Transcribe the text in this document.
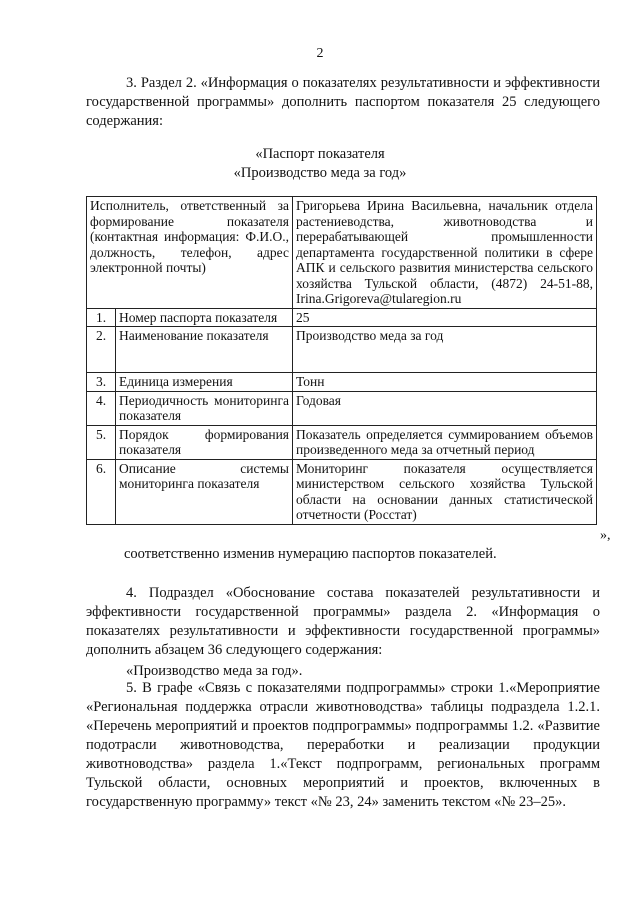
2

3. Раздел 2. «Информация о показателях результативности и эффективности государственной программы» дополнить паспортом показателя 25 следующего содержания:

«Паспорт показателя
«Производство меда за год»
Исполнитель, ответственный за формирование показателя (контактная информация: Ф.И.О., должность, телефон, адрес электронной почты)		Григорьева Ирина Васильевна, начальник отдела растениеводства, животноводства и перерабатывающей промышленности департамента государственной политики в сфере АПК и сельского развития министерства сельского хозяйства Тульской области, (4872) 24-51-88, Irina.Grigoreva@tularegion.ru
1.	Номер паспорта показателя	25
2.	Наименование показателя	Производство меда за год
3.	Единица измерения	Тонн
4.	Периодичность мониторинга показателя	Годовая
5.	Порядок формирования показателя	Показатель определяется суммированием объемов произведенного меда за отчетный период
6.	Описание системы мониторинга показателя	Мониторинг показателя осуществляется министерством сельского хозяйства Тульской области на основании данных статистической отчетности (Росстат)
»,
соответственно изменив нумерацию паспортов показателей.

4. Подраздел «Обоснование состава показателей результативности и эффективности государственной программы» раздела 2. «Информация о показателях результативности и эффективности государственной программы» дополнить абзацем 36 следующего содержания:

«Производство меда за год».

5. В графе «Связь с показателями подпрограммы» строки 1.«Мероприятие «Региональная поддержка отрасли животноводства» таблицы подраздела 1.2.1. «Перечень мероприятий и проектов подпрограммы» подпрограммы 1.2. «Развитие подотрасли животноводства, переработки и реализации продукции животноводства» раздела 1.«Текст подпрограмм, региональных программ Тульской области, основных мероприятий и проектов, включенных в государственную программу» текст «№ 23, 24» заменить текстом «№ 23–25».
